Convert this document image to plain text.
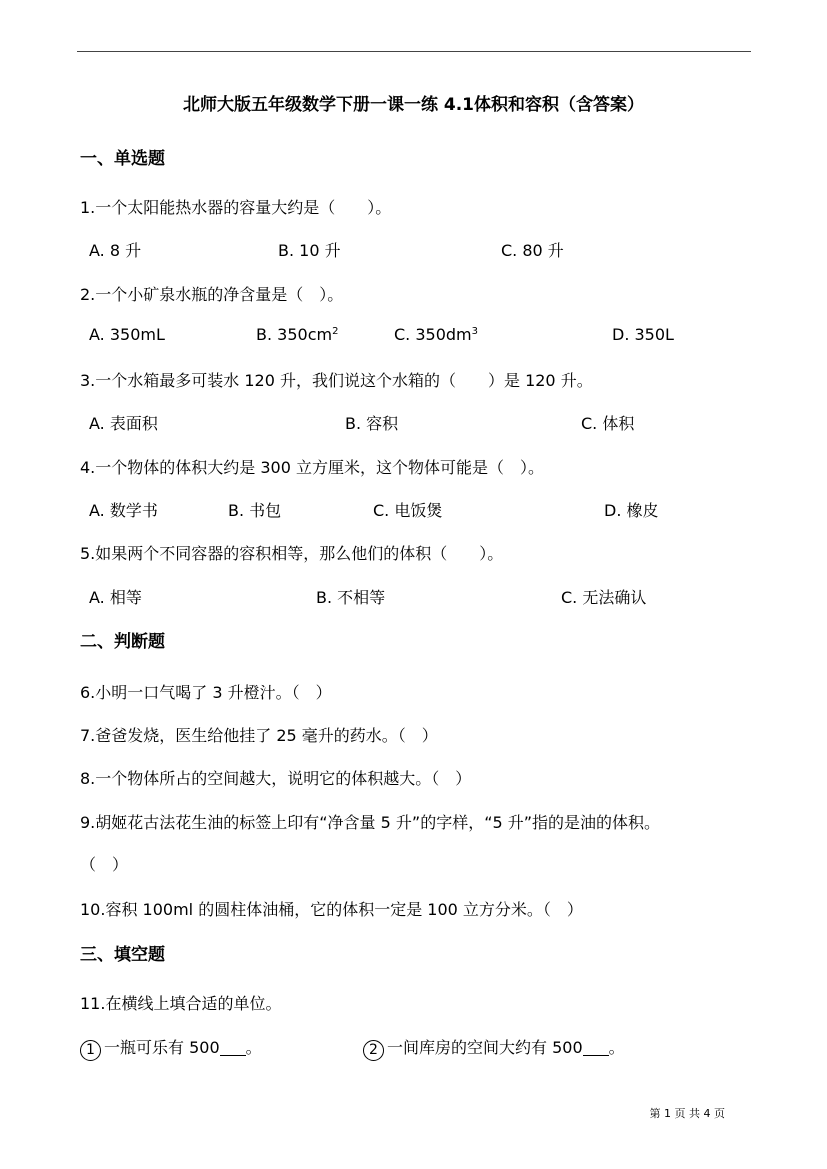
北师大版五年级数学下册一课一练 4.1体积和容积（含答案）
一、单选题
1.一个太阳能热水器的容量大约是（　　）。
A. 8 升	B. 10 升	C. 80 升
2.一个小矿泉水瓶的净含量是（　）。
A. 350mL	B. $350cm^2$	C. $350dm^3$	D. 350L
3.一个水箱最多可装水 120 升，我们说这个水箱的（　　）是 120 升。
A. 表面积	B. 容积	C. 体积
4.一个物体的体积大约是 300 立方厘米，这个物体可能是（　）。
A. 数学书	B. 书包	C. 电饭煲	D. 橡皮
5.如果两个不同容器的容积相等，那么他们的体积（　　）。
A. 相等	B. 不相等	C. 无法确认
二、判断题
6.小明一口气喝了 3 升橙汁。（　）
7.爸爸发烧，医生给他挂了 25 毫升的药水。（　）
8.一个物体所占的空间越大，说明它的体积越大。（　）
9.胡姬花古法花生油的标签上印有“净含量 5 升”的字样，“5 升”指的是油的体积。
（　）
10.容积 100ml 的圆柱体油桶，它的体积一定是 100 立方分米。（　）
三、填空题
11.在横线上填合适的单位。
1 一瓶可乐有 500 。	2 一间库房的空间大约有 500 。
第 1 页 共 4 页
